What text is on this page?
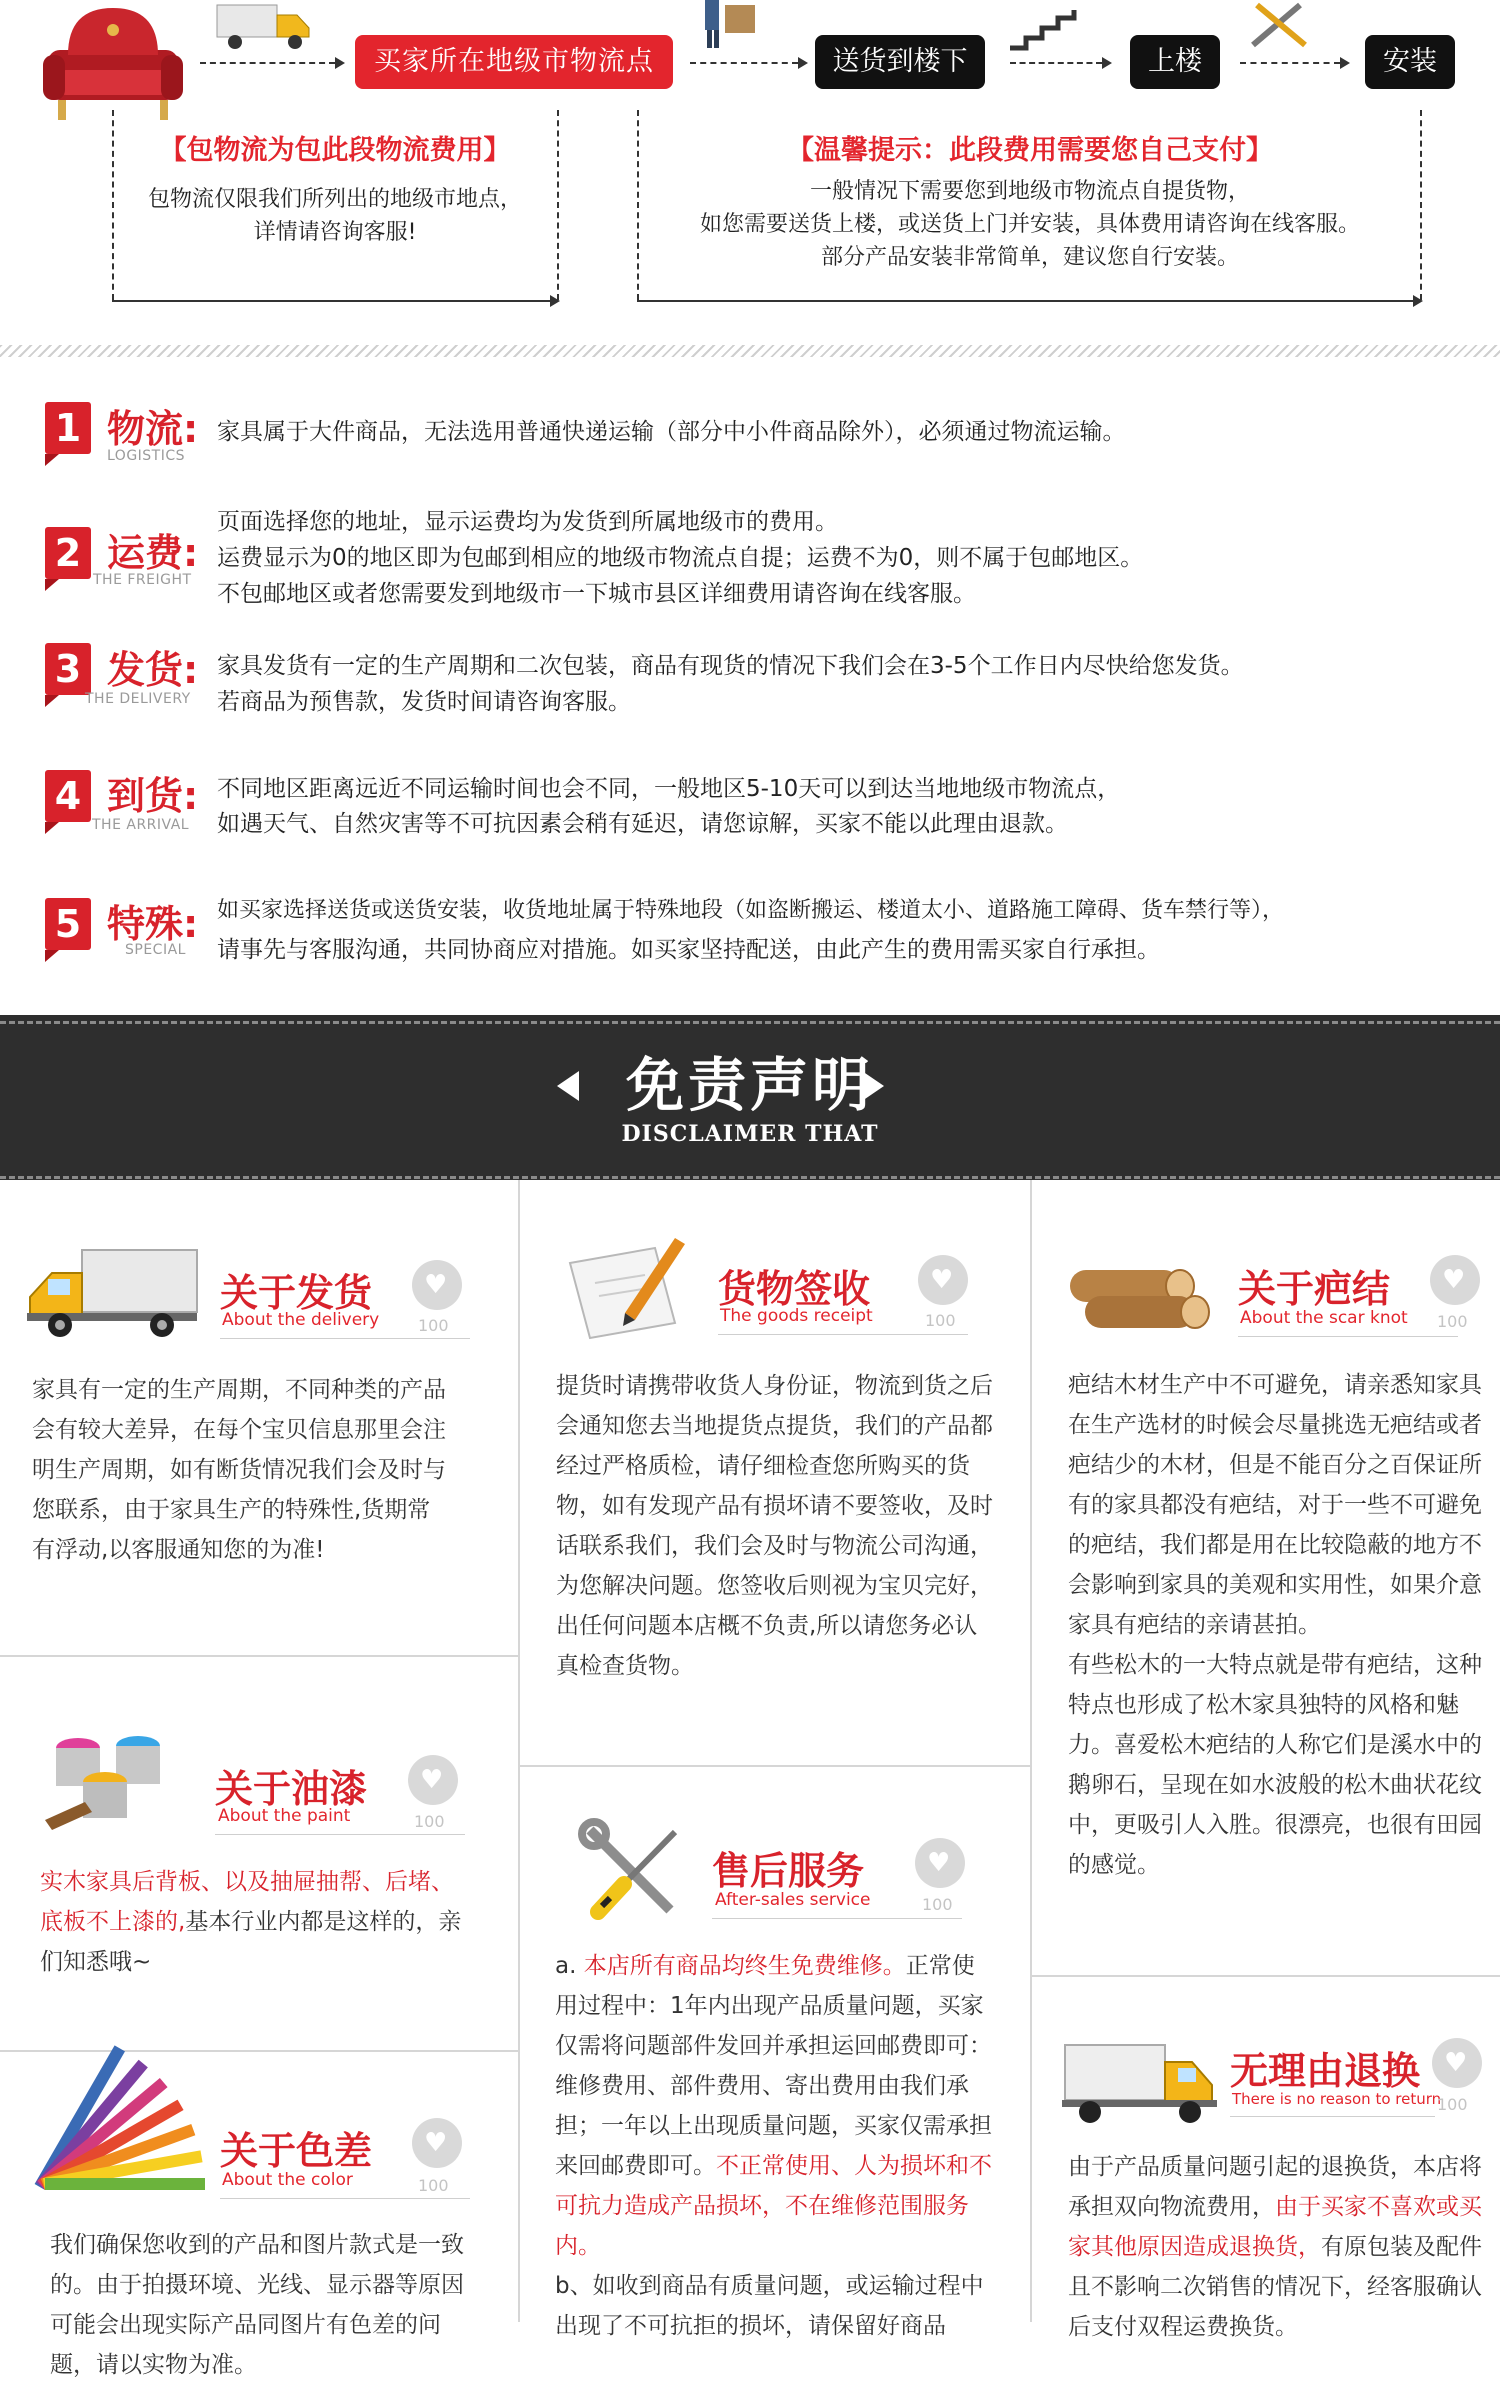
买家所在地级市物流点	送货到楼下	上楼	安装
【包物流为包此段物流费用】
包物流仅限我们所列出的地级市地点，
详情请咨询客服!
【温馨提示：此段费用需要您自己支付】
一般情况下需要您到地级市物流点自提货物，
如您需要送货上楼，或送货上门并安装，具体费用请咨询在线客服。
部分产品安装非常简单，建议您自行安装。
1 物流:
LOGISTICS
家具属于大件商品，无法选用普通快递运输（部分中小件商品除外），必须通过物流运输。
2 运费:
THE FREIGHT
页面选择您的地址，显示运费均为发货到所属地级市的费用。
运费显示为0的地区即为包邮到相应的地级市物流点自提；运费不为0，则不属于包邮地区。
不包邮地区或者您需要发到地级市一下城市县区详细费用请咨询在线客服。
3 发货:
THE DELIVERY
家具发货有一定的生产周期和二次包装，商品有现货的情况下我们会在3-5个工作日内尽快给您发货。
若商品为预售款，发货时间请咨询客服。
4 到货:
THE ARRIVAL
不同地区距离远近不同运输时间也会不同，一般地区5-10天可以到达当地地级市物流点，
如遇天气、自然灾害等不可抗因素会稍有延迟，请您谅解，买家不能以此理由退款。
5 特殊:
SPECIAL
如买家选择送货或送货安装，收货地址属于特殊地段（如盗断搬运、楼道太小、道路施工障碍、货车禁行等），
请事先与客服沟通，共同协商应对措施。如买家坚持配送，由此产生的费用需买家自行承担。
免责声明
DISCLAIMER THAT
关于发货
About the delivery
♥
100

家具有一定的生产周期，不同种类的产品会有较大差异，在每个宝贝信息那里会注明生产周期，如有断货情况我们会及时与您联系，由于家具生产的特殊性,货期常有浮动,以客服通知您的为准!

关于油漆
About the paint
♥
100

实木家具后背板、以及抽屉抽帮、后堵、底板不上漆的,基本行业内都是这样的，亲们知悉哦~

关于色差
About the color
♥
100

我们确保您收到的产品和图片款式是一致的。由于拍摄环境、光线、显示器等原因可能会出现实际产品同图片有色差的问题，请以实物为准。

货物签收
The goods receipt
♥
100

提货时请携带收货人身份证，物流到货之后会通知您去当地提货点提货，我们的产品都经过严格质检，请仔细检查您所购买的货物，如有发现产品有损坏请不要签收，及时话联系我们，我们会及时与物流公司沟通，为您解决问题。您签收后则视为宝贝完好，出任何问题本店概不负责,所以请您务必认真检查货物。

售后服务
After-sales service
♥
100

a. 本店所有商品均终生免费维修。正常使用过程中：1年内出现产品质量问题，买家仅需将问题部件发回并承担运回邮费即可：维修费用、部件费用、寄出费用由我们承担；一年以上出现质量问题，买家仅需承担来回邮费即可。不正常使用、人为损坏和不可抗力造成产品损坏，不在维修范围服务内。

b、如收到商品有质量问题，或运输过程中出现了不可抗拒的损坏，请保留好商品

关于疤结
About the scar knot
♥
100

疤结木材生产中不可避免，请亲悉知家具在生产选材的时候会尽量挑选无疤结或者疤结少的木材，但是不能百分之百保证所有的家具都没有疤结，对于一些不可避免的疤结，我们都是用在比较隐蔽的地方不会影响到家具的美观和实用性，如果介意家具有疤结的亲请甚拍。

有些松木的一大特点就是带有疤结，这种特点也形成了松木家具独特的风格和魅力。喜爱松木疤结的人称它们是溪水中的鹅卵石，呈现在如水波般的松木曲状花纹中，更吸引人入胜。很漂亮，也很有田园的感觉。

无理由退换
There is no reason to return
♥
100

由于产品质量问题引起的退换货，本店将承担双向物流费用，由于买家不喜欢或买家其他原因造成退换货，有原包装及配件且不影响二次销售的情况下，经客服确认后支付双程运费换货。
